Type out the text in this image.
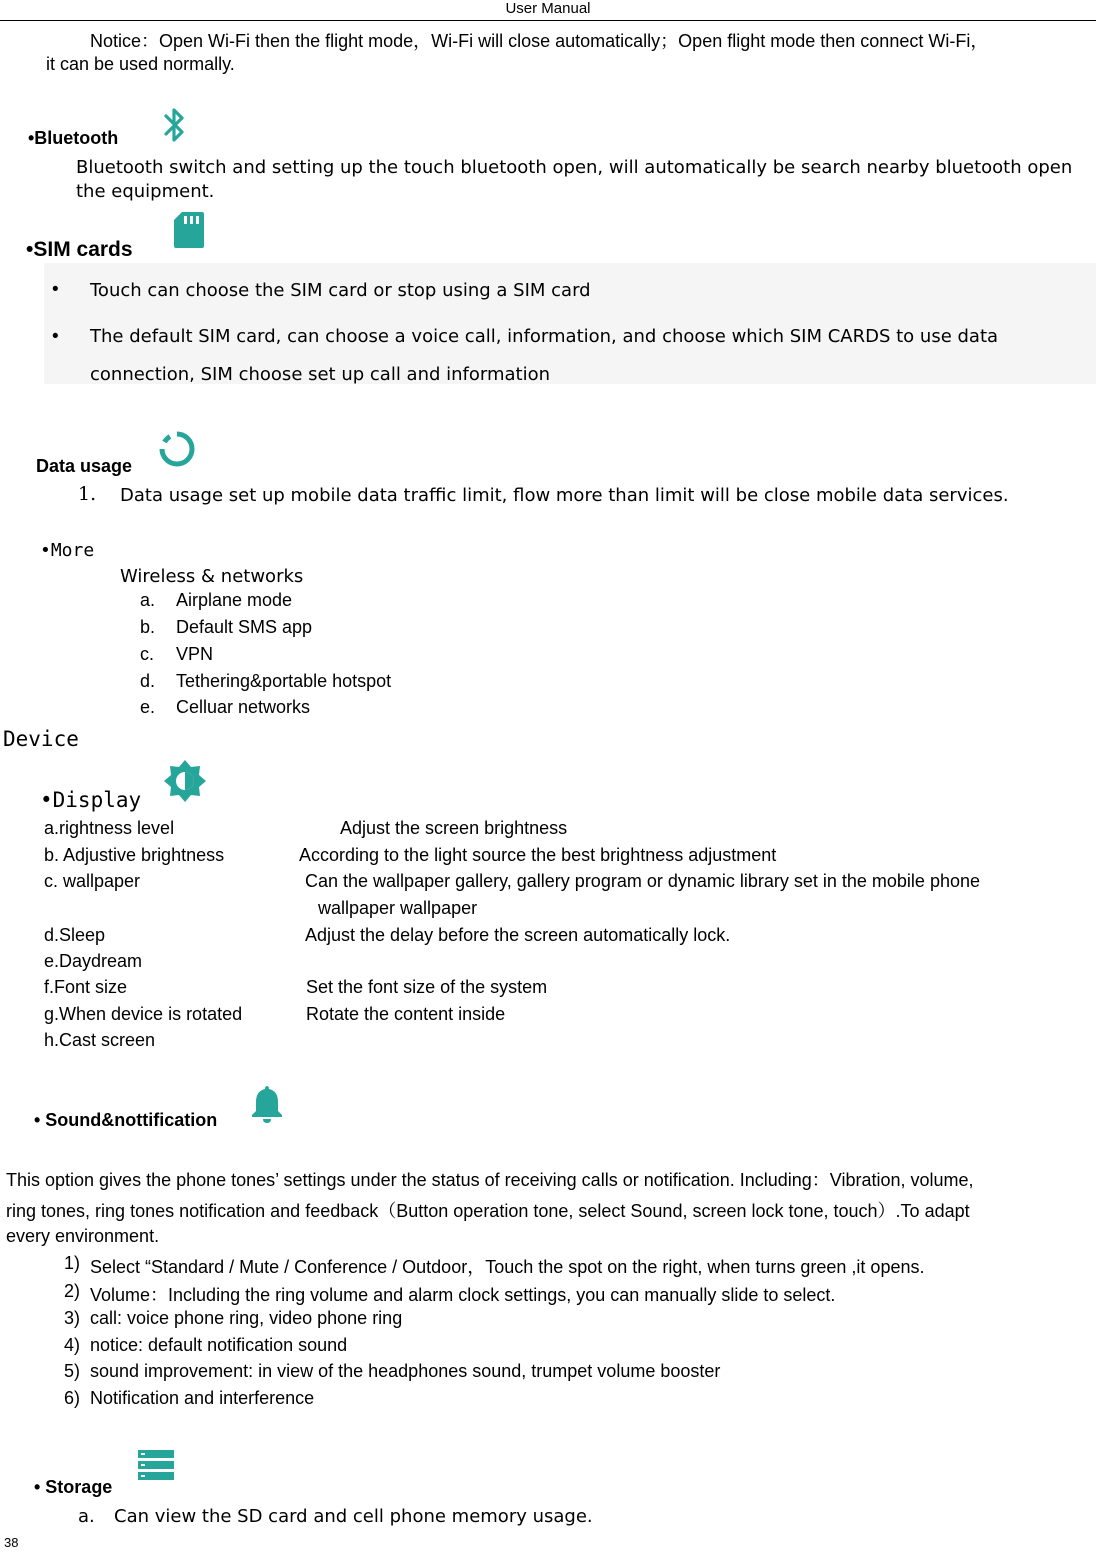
User Manual
Notice：Open Wi-Fi then the flight mode，Wi-Fi will close automatically；Open flight mode then connect Wi-Fi，
it can be used normally.
•Bluetooth
Bluetooth switch and setting up the touch bluetooth open, will automatically be search nearby bluetooth open
the equipment.
•SIM cards
• Touch can choose the SIM card or stop using a SIM card
• The default SIM card, can choose a voice call, information, and choose which SIM CARDS to use data
connection, SIM choose set up call and information
Data usage
1. Data usage set up mobile data traffic limit, flow more than limit will be close mobile data services.
•More
Wireless & networks
a. Airplane mode
b. Default SMS app
c. VPN
d. Tethering&portable hotspot
e. Celluar networks
Device
•Display
a.rightness level	Adjust the screen brightness
b. Adjustive brightness	According to the light source the best brightness adjustment
c. wallpaper	Can the wallpaper gallery, gallery program or dynamic library set in the mobile phone
wallpaper wallpaper
d.Sleep	Adjust the delay before the screen automatically lock.
e.Daydream
f.Font size	Set the font size of the system
g.When device is rotated	Rotate the content inside
h.Cast screen
• Sound&nottification
This option gives the phone tones’ settings under the status of receiving calls or notification. Including：Vibration, volume,
ring tones, ring tones notification and feedback（Button operation tone, select Sound, screen lock tone, touch）.To adapt
every environment.
1) Select “Standard / Mute / Conference / Outdoor，Touch the spot on the right, when turns green ,it opens.
2) Volume：Including the ring volume and alarm clock settings, you can manually slide to select.
3) call: voice phone ring, video phone ring
4) notice: default notification sound
5) sound improvement: in view of the headphones sound, trumpet volume booster
6) Notification and interference
• Storage
a. Can view the SD card and cell phone memory usage.
38
